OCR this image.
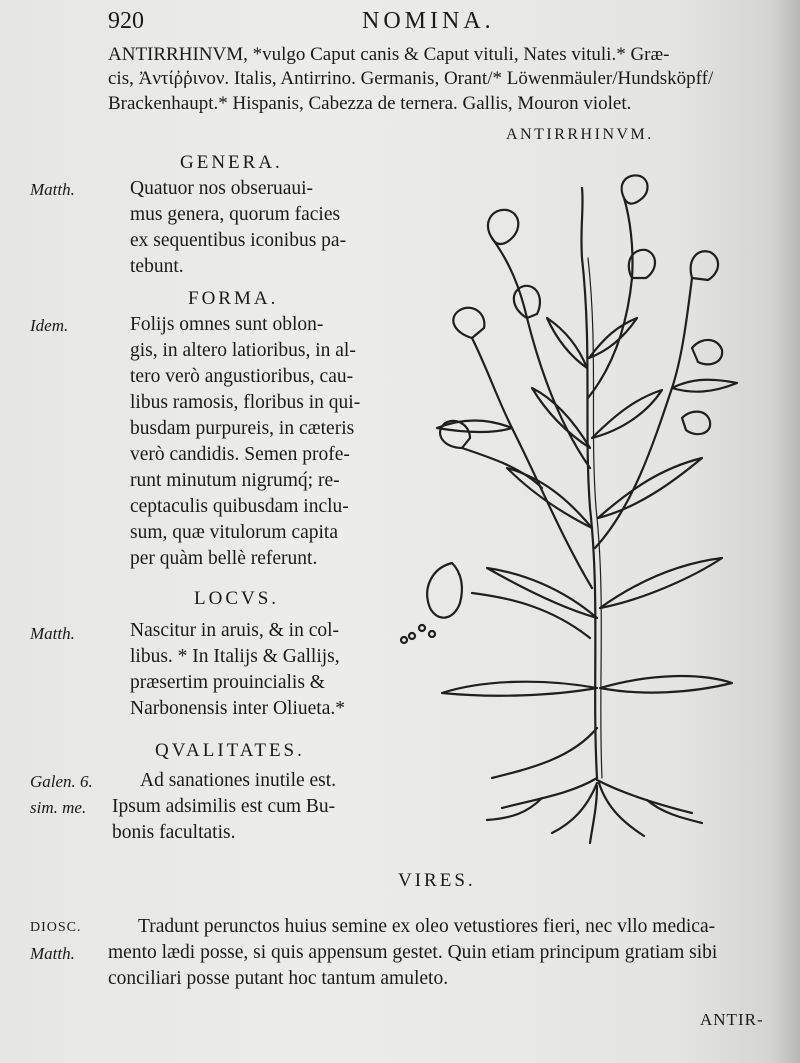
920	NOMINA.
ANTIRRHINVM, *vulgo Caput canis & Caput vituli, Nates vituli.* Græ-
cis, Ἀντίῤῥινον. Italis, Antirrino. Germanis, Orant/* Löwenmäuler/Hundsköpff/
Brackenhaupt.* Hispanis, Cabezza de ternera. Gallis, Mouron violet.
ANTIRRHINVM.
GENERA.
Matth.	Quatuor nos obseruaui-
mus genera, quorum facies
ex sequentibus iconibus pa-
tebunt.
FORMA.
Idem.	Folijs omnes sunt oblon-
gis, in altero latioribus, in al-
tero verò angustioribus, cau-
libus ramosis, floribus in qui-
busdam purpureis, in cæteris
verò candidis. Semen profe-
runt minutum nigrumq́; re-
ceptaculis quibusdam inclu-
sum, quæ vitulorum capita
per quàm bellè referunt.
LOCVS.
Matth.	Nascitur in aruis, & in col-
libus. * In Italijs & Gallijs,
præsertim prouincialis &
Narbonensis inter Olіueta.*
QVALITATES.
Galen. 6.
sim. me.
Ad sanationes inutile est.
Ipsum adsimilis est cum Bu-
bonis facultatis.
VIRES.
DIOSC.
Matth.
Tradunt perunctos huius semine ex oleo vetustiores fieri, nec vllo medica-
mento lædi posse, si quis appensum gestet. Quin etiam principum gratiam sibi
conciliari posse putant hoc tantum amuleto.
ANTIR-
